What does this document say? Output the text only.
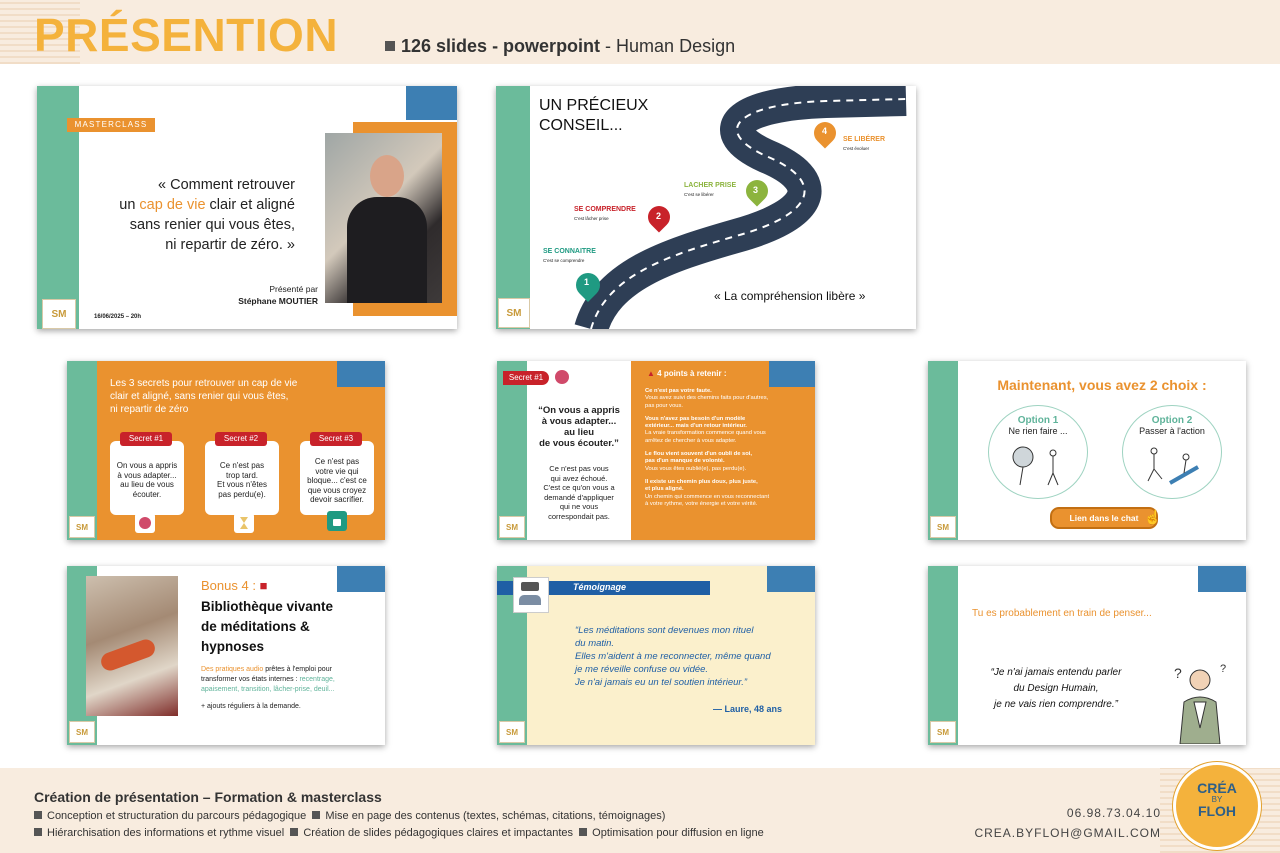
PRÉSENTION	126 slides - powerpoint - Human Design
MASTERCLASS
« Comment retrouver
un cap de vie clair et aligné
sans renier qui vous êtes,
ni repartir de zéro. »
Présenté par
Stéphane MOUTIER
16/06/2025 – 20h
SM
UN PRÉCIEUX
CONSEIL...
1
2
3
4
SE CONNAITRE
C'est se comprendre
SE COMPRENDRE
C'est lâcher prise
LACHER PRISE
C'est se libérer
SE LIBÉRER
C'est évoluer
« La compréhension libère »
SM
Les 3 secrets pour retrouver un cap de vie
clair et aligné, sans renier qui vous êtes,
ni repartir de zéro
On vous a appris
à vous adapter...
au lieu de vous
écouter.
Secret #1
Ce n'est pas
trop tard.
Et vous n'êtes
pas perdu(e).
Secret #2
Ce n'est pas
votre vie qui
bloque... c'est ce
que vous croyez
devoir sacrifier.
Secret #3
SM
Secret #1
“On vous a appris
à vous adapter...
au lieu
de vous écouter.”
Ce n'est pas vous
qui avez échoué.
C'est ce qu'on vous a
demandé d'appliquer
qui ne vous
correspondait pas.
▲ 4 points à retenir :
Ce n'est pas votre faute.
Vous avez suivi des chemins faits pour d'autres,
pas pour vous.
Vous n'avez pas besoin d'un modèle
extérieur... mais d'un retour intérieur.
La vraie transformation commence quand vous
arrêtez de chercher à vous adapter.
Le flou vient souvent d'un oubli de soi,
pas d'un manque de volonté.
Vous vous êtes oublié(e), pas perdu(e).
Il existe un chemin plus doux, plus juste,
et plus aligné.
Un chemin qui commence en vous reconnectant
à votre rythme, votre énergie et votre vérité.
SM
Maintenant, vous avez 2 choix :
Option 1
Ne rien faire ...
Option 2
Passer à l'action
Lien dans le chat ☝
SM
Bonus 4 : ■
Bibliothèque vivante
de méditations &
hypnoses
Des pratiques audio prêtes à l'emploi pour
transformer vos états internes : recentrage,
apaisement, transition, lâcher-prise, deuil...
+ ajouts réguliers à la demande.
SM
Témoignage
“Les méditations sont devenues mon rituel
du matin.
Elles m'aident à me reconnecter, même quand
je me réveille confuse ou vidée.
Je n'ai jamais eu un tel soutien intérieur.”
— Laure, 48 ans
SM
Tu es probablement en train de penser...
“Je n'ai jamais entendu parler
du Design Humain,
je ne vais rien comprendre.”
?	?
SM
Création de présentation – Formation & masterclass
Conception et structuration du parcours pédagogique Mise en page des contenus (textes, schémas, citations, témoignages)
Hiérarchisation des informations et rythme visuel Création de slides pédagogiques claires et impactantes Optimisation pour diffusion en ligne
06.98.73.04.10
CREA.BYFLOH@GMAIL.COM
CRÉA
BY
FLOH
